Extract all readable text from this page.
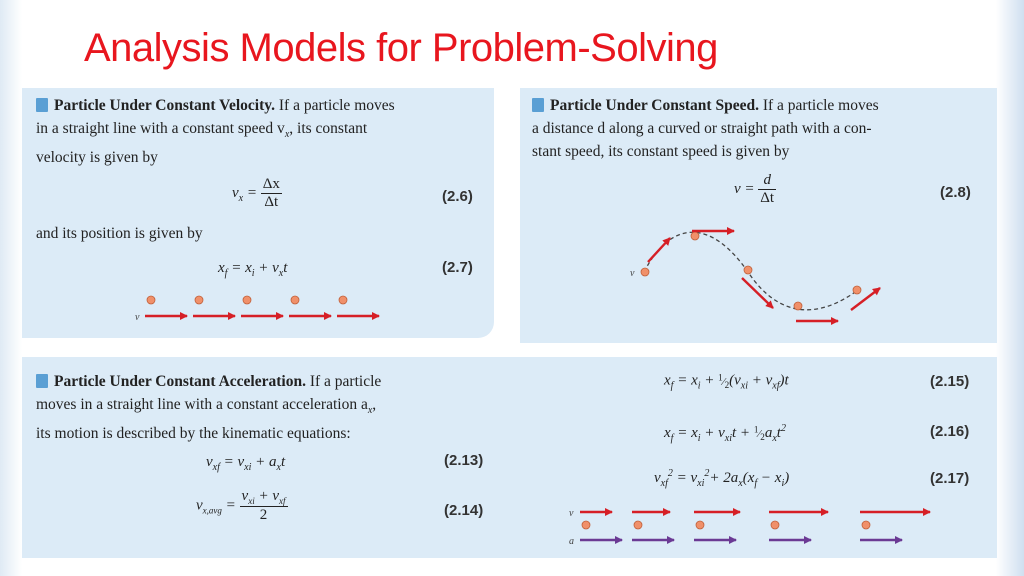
Analysis Models for Problem-Solving
Particle Under Constant Velocity. If a particle moves
in a straight line with a constant speed $v_x$, its constant
velocity is given by
$v_x = \frac{\Delta x}{\Delta t}$	(2.6)
and its position is given by
$x_f = x_i + v_xt$	(2.7)
v
v
v
a
Particle Under Constant Speed. If a particle moves
a distance d along a curved or straight path with a con-
stant speed, its constant speed is given by
$v = \frac{d}{\Delta t}$	(2.8)
Particle Under Constant Acceleration. If a particle
moves in a straight line with a constant acceleration $a_x$,
its motion is described by the kinematic equations:
$v_{xf} = v_{xi} + a_xt$	(2.13)
$v_{x,avg} = \frac{v_{xi} + v_{xf}}{2}$	(2.14)
$x_f = x_i$ + $^1⁄_2(v_{xi} + v_{xf})t$	(2.15)
$x_f = x_i + v_{xi}t$ + $^1⁄_2a_xt^2$	(2.16)
$v_{xf}^2 = v_{xi}^2+ 2a_x(x_f - x_i)$	(2.17)
